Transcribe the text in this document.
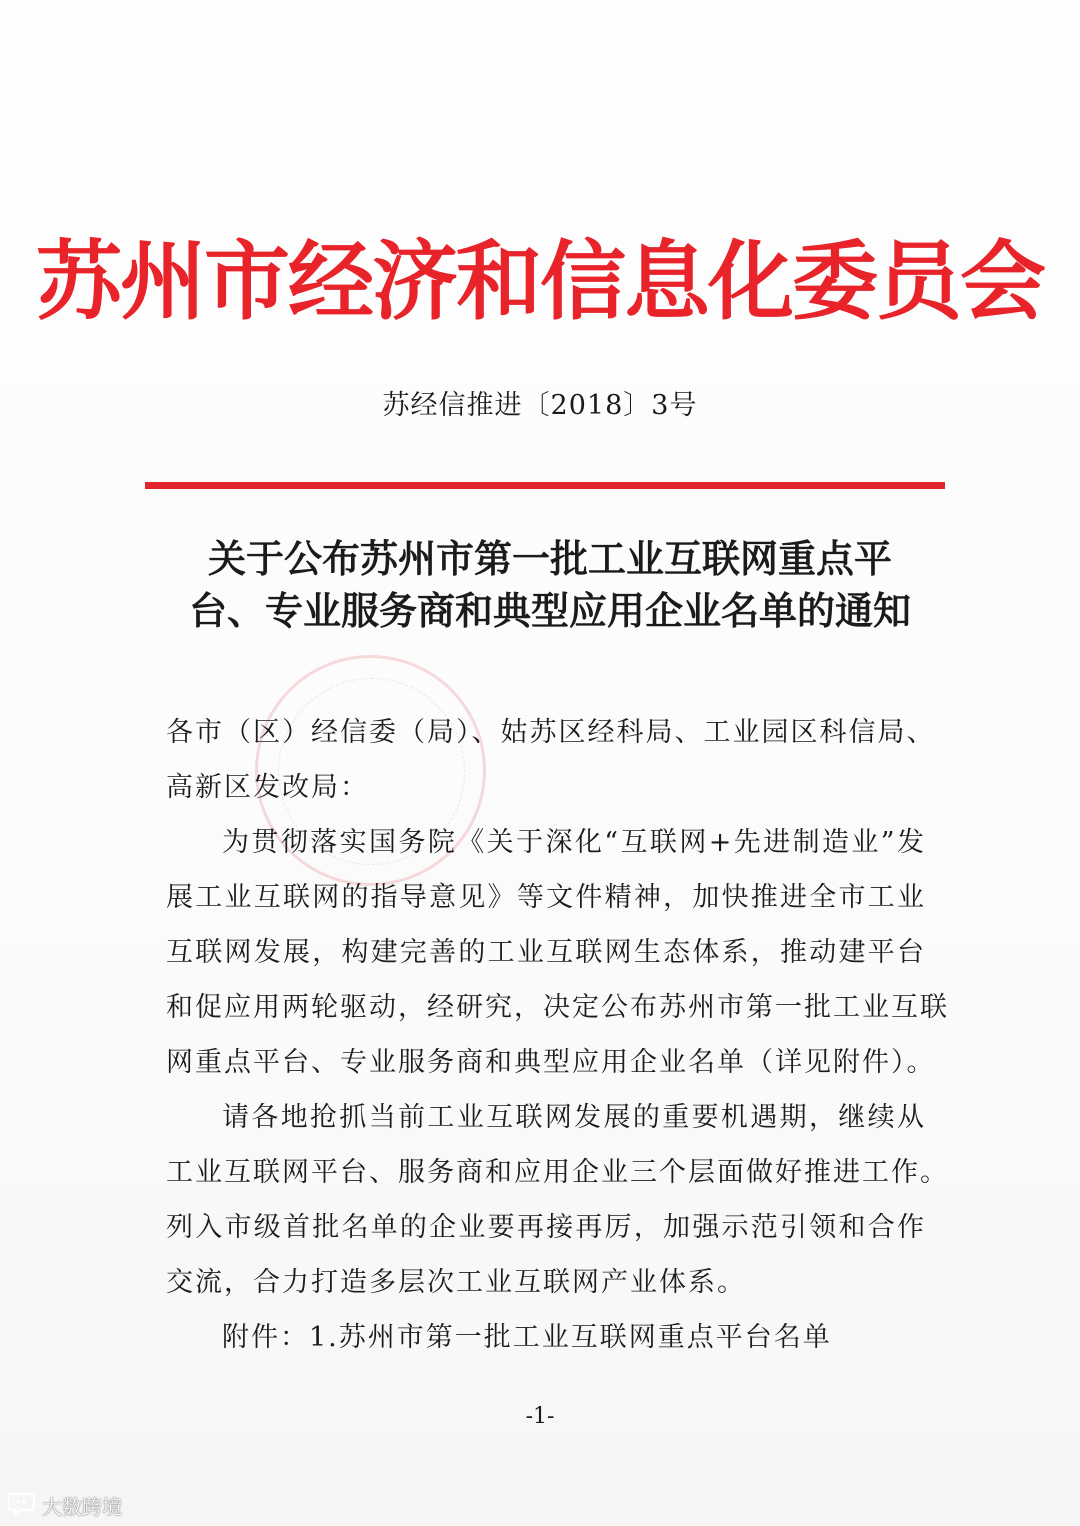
苏州市经济和信息化委员会
苏经信推进〔2018〕3号
关于公布苏州市第一批工业互联网重点平
台、专业服务商和典型应用企业名单的通知
各市（区）经信委（局）、姑苏区经科局、工业园区科信局、
高新区发改局：
为贯彻落实国务院《关于深化“互联网+先进制造业”发
展工业互联网的指导意见》等文件精神，加快推进全市工业
互联网发展，构建完善的工业互联网生态体系，推动建平台
和促应用两轮驱动，经研究，决定公布苏州市第一批工业互联
网重点平台、专业服务商和典型应用企业名单（详见附件）。
请各地抢抓当前工业互联网发展的重要机遇期，继续从
工业互联网平台、服务商和应用企业三个层面做好推进工作。
列入市级首批名单的企业要再接再厉，加强示范引领和合作
交流，合力打造多层次工业互联网产业体系。
附件：1.苏州市第一批工业互联网重点平台名单
-1-
大数跨境
